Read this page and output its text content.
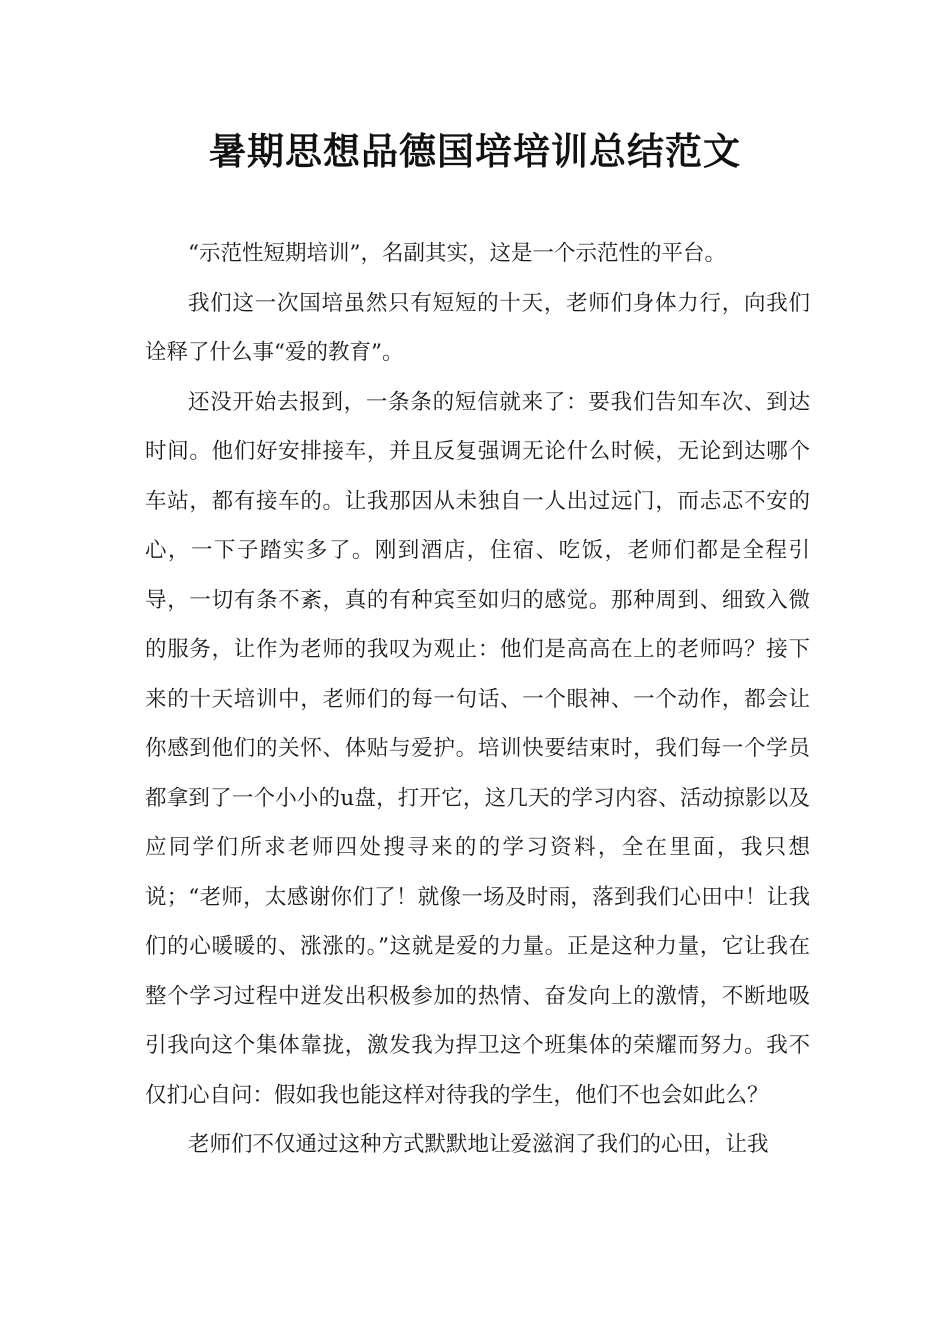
暑期思想品德国培培训总结范文

“示范性短期培训”，名副其实，这是一个示范性的平台。

我们这一次国培虽然只有短短的十天，老师们身体力行，向我们诠释了什么事“爱的教育”。

还没开始去报到，一条条的短信就来了：要我们告知车次、到达时间。他们好安排接车，并且反复强调无论什么时候，无论到达哪个车站，都有接车的。让我那因从未独自一人出过远门，而忐忑不安的心，一下子踏实多了。刚到酒店，住宿、吃饭，老师们都是全程引导，一切有条不紊，真的有种宾至如归的感觉。那种周到、细致入微的服务，让作为老师的我叹为观止：他们是高高在上的老师吗？接下来的十天培训中，老师们的每一句话、一个眼神、一个动作，都会让你感到他们的关怀、体贴与爱护。培训快要结束时，我们每一个学员都拿到了一个小小的u盘，打开它，这几天的学习内容、活动掠影以及应同学们所求老师四处搜寻来的的学习资料，全在里面，我只想说；“老师，太感谢你们了！就像一场及时雨，落到我们心田中！让我们的心暖暖的、涨涨的。”这就是爱的力量。正是这种力量，它让我在整个学习过程中迸发出积极参加的热情、奋发向上的激情，不断地吸引我向这个集体靠拢，激发我为捍卫这个班集体的荣耀而努力。我不仅扪心自问：假如我也能这样对待我的学生，他们不也会如此么？

老师们不仅通过这种方式默默地让爱滋润了我们的心田，让我
